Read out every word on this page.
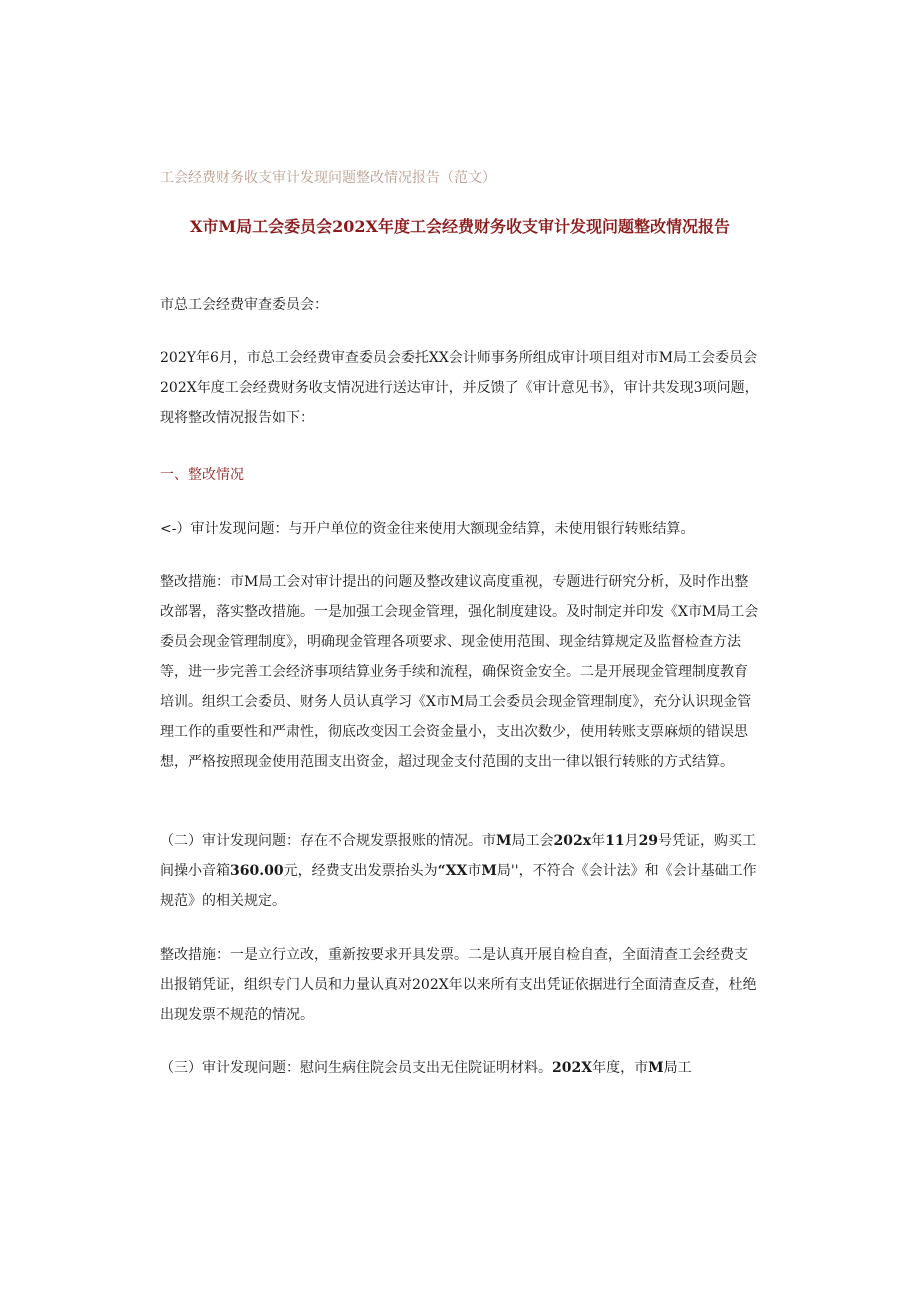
工会经费财务收支审计发现问题整改情况报告（范文）

X市M局工会委员会202X年度工会经费财务收支审计发现问题整改情况报告

市总工会经费审查委员会：

202Y年6月，市总工会经费审查委员会委托XX会计师事务所组成审计项目组对市M局工会委员会202X年度工会经费财务收支情况进行送达审计，并反馈了《审计意见书》，审计共发现3项问题，现将整改情况报告如下：

一、整改情况

<-）审计发现问题：与开户单位的资金往来使用大额现金结算，未使用银行转账结算。

整改措施：市M局工会对审计提出的问题及整改建议高度重视，专题进行研究分析，及时作出整改部署，落实整改措施。一是加强工会现金管理，强化制度建设。及时制定并印发《X市M局工会委员会现金管理制度》，明确现金管理各项要求、现金使用范围、现金结算规定及监督检查方法等，进一步完善工会经济事项结算业务手续和流程，确保资金安全。二是开展现金管理制度教育培训。组织工会委员、财务人员认真学习《X市M局工会委员会现金管理制度》，充分认识现金管理工作的重要性和严肃性，彻底改变因工会资金量小，支出次数少，使用转账支票麻烦的错误思想，严格按照现金使用范围支出资金，超过现金支付范围的支出一律以银行转账的方式结算。

（二）审计发现问题：存在不合规发票报账的情况。市M局工会202x年11月29号凭证，购买工间操小音箱360.00元，经费支出发票抬头为“XX市M局''，不符合《会计法》和《会计基础工作规范》的相关规定。

整改措施：一是立行立改，重新按要求开具发票。二是认真开展自检自查，全面清查工会经费支出报销凭证，组织专门人员和力量认真对202X年以来所有支出凭证依据进行全面清查反查，杜绝出现发票不规范的情况。

（三）审计发现问题：慰问生病住院会员支出无住院证明材料。202X年度，市M局工
